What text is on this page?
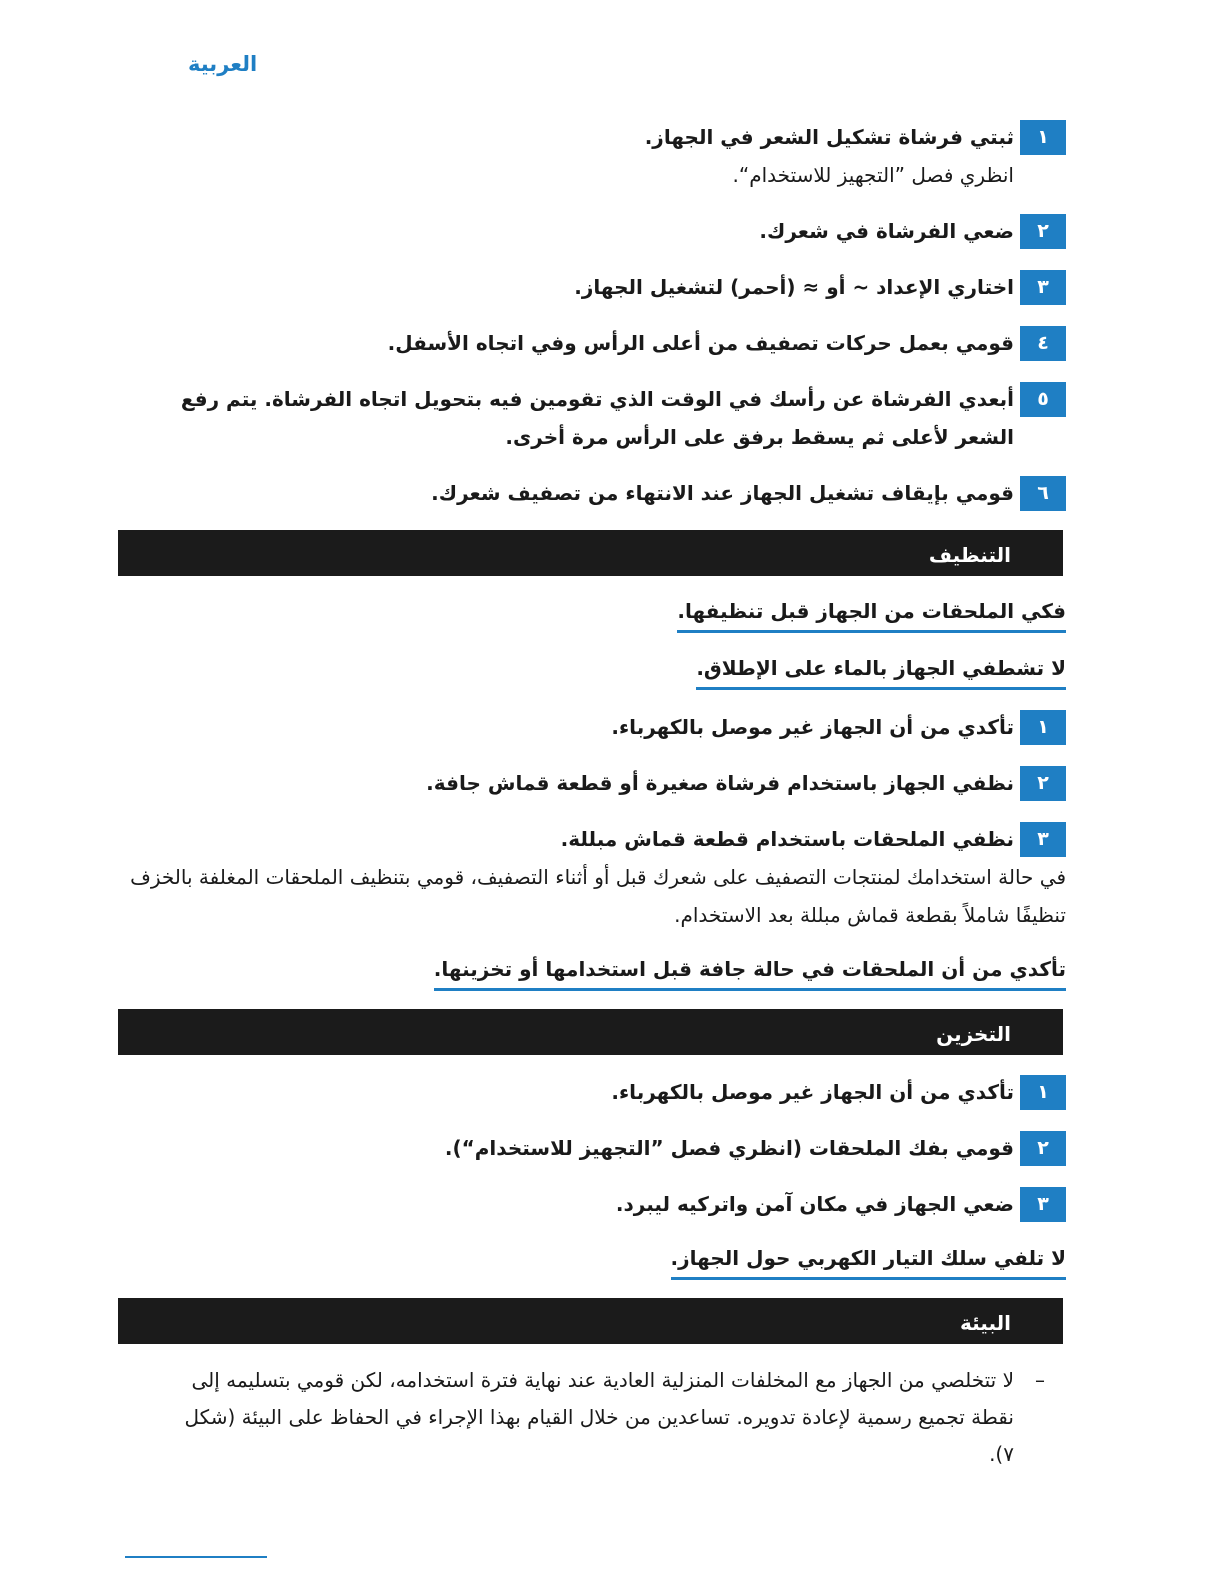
العربية
١

ثبتي فرشاة تشكيل الشعر في الجهاز.

انظري فصل ”التجهيز للاستخدام“.

٢

ضعي الفرشاة في شعرك.

٣

اختاري الإعداد ~ أو ≈ (أحمر) لتشغيل الجهاز.

٤

قومي بعمل حركات تصفيف من أعلى الرأس وفي اتجاه الأسفل.

٥

أبعدي الفرشاة عن رأسك في الوقت الذي تقومين فيه بتحويل اتجاه الفرشاة. يتم رفع الشعر لأعلى ثم يسقط برفق على الرأس مرة أخرى.

٦

قومي بإيقاف تشغيل الجهاز عند الانتهاء من تصفيف شعرك.

التنظيف
فكي الملحقات من الجهاز قبل تنظيفها.
لا تشطفي الجهاز بالماء على الإطلاق.
١

تأكدي من أن الجهاز غير موصل بالكهرباء.

٢

نظفي الجهاز باستخدام فرشاة صغيرة أو قطعة قماش جافة.

٣

نظفي الملحقات باستخدام قطعة قماش مبللة.

في حالة استخدامك لمنتجات التصفيف على شعرك قبل أو أثناء التصفيف، قومي بتنظيف الملحقات المغلفة بالخزف تنظيفًا شاملاً بقطعة قماش مبللة بعد الاستخدام.

تأكدي من أن الملحقات في حالة جافة قبل استخدامها أو تخزينها.
التخزين
١

تأكدي من أن الجهاز غير موصل بالكهرباء.

٢

قومي بفك الملحقات (انظري فصل ”التجهيز للاستخدام“).

٣

ضعي الجهاز في مكان آمن واتركيه ليبرد.

لا تلفي سلك التيار الكهربي حول الجهاز.
البيئة
–

لا تتخلصي من الجهاز مع المخلفات المنزلية العادية عند نهاية فترة استخدامه، لكن قومي بتسليمه إلى نقطة تجميع رسمية لإعادة تدويره. تساعدين من خلال القيام بهذا الإجراء في الحفاظ على البيئة (شكل ٧).
